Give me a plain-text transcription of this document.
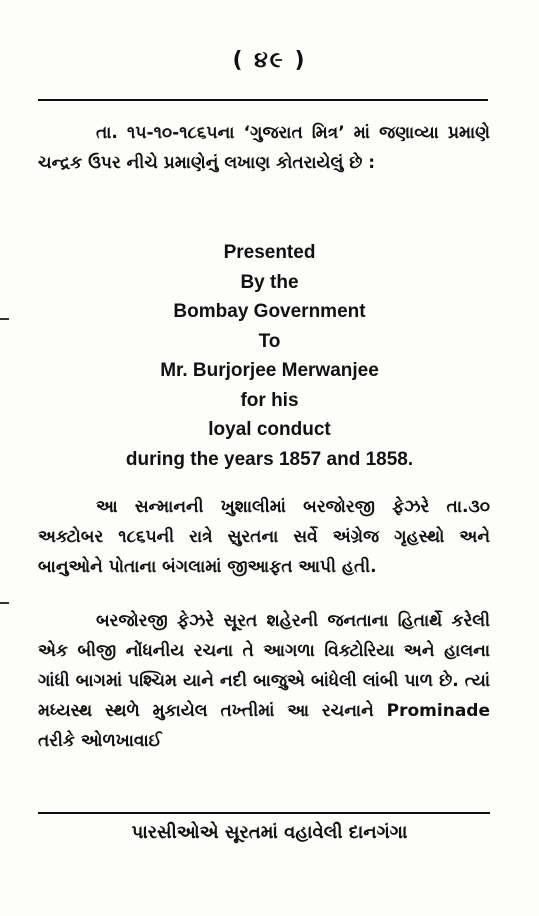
( ૪૯ )

તા. ૧૫-૧૦-૧૮૬૫ના ‘ગુજરાત મિત્ર’ માં જણાવ્યા પ્રમાણે ચન્દ્રક ઉપર નીચે પ્રમાણેનું લખાણ કોતરાયેલું છે :

Presented
By the
Bombay Government
To
Mr. Burjorjee Merwanjee
for his
loyal conduct
during the years 1857 and 1858.

આ સન્માનની ખુશાલીમાં બરજોરજી ફેઝરે તા.૩૦ અક્ટોબર ૧૮૬૫ની રાત્રે સુરતના સર્વે અંગ્રેજ ગૃહસ્થો અને બાનુઓને પોતાના બંગલામાં જીઆફત આપી હતી.

બરજોરજી ફેઝરે સૂરત શહેરની જનતાના હિતાર્થે કરેલી એક બીજી નોંધનીય રચના તે આગળા વિક્ટોરિયા અને હાલના ગાંધી બાગમાં પશ્ચિમ યાને નદી બાજુએ બાંધેલી લાંબી પાળ છે. ત્યાં મધ્યસ્થ સ્થળે મુકાયેલ તખ્તીમાં આ રચનાને Prominade તરીકે ઓળખાવાઈ

પારસીઓએ સૂરતમાં વહાવેલી દાનગંગા
